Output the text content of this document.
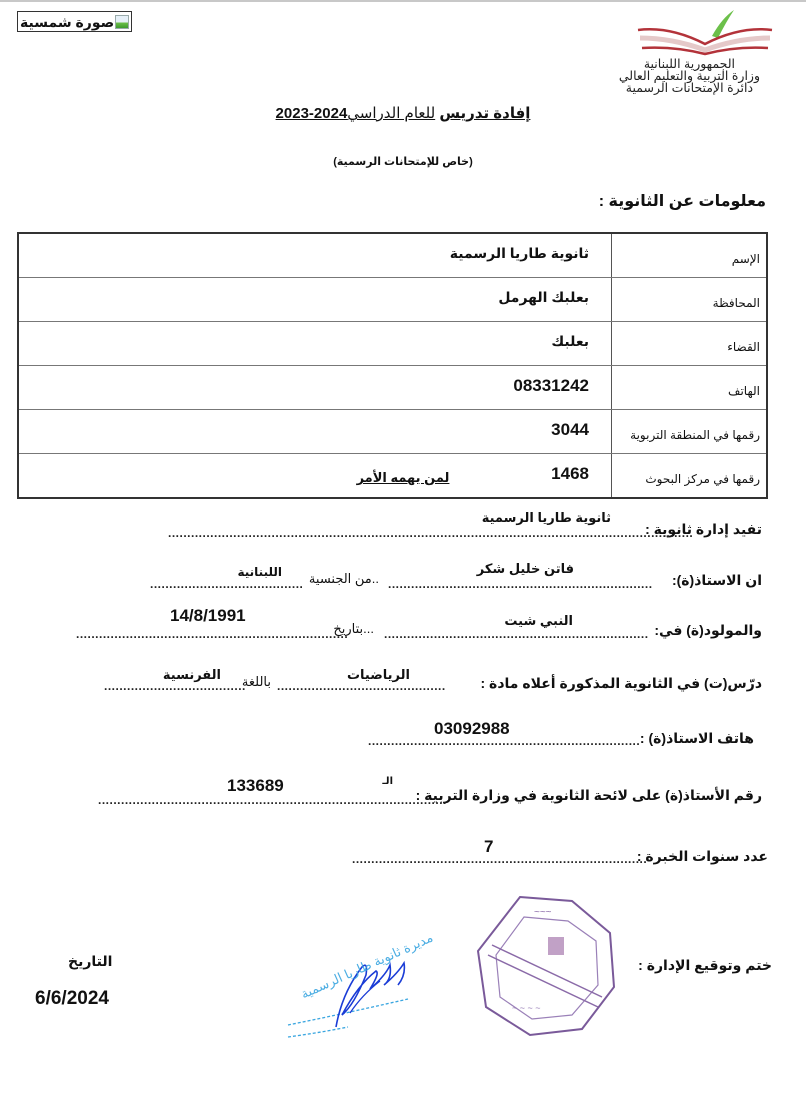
صورة شمسية
الجمهورية اللبنانية
وزارة التربية والتعليم العالي
دائرة الإمتحانات الرسمية
إفادة تدريس للعام الدراسي2023-2024
(خاص للإمتحانات الرسمية)
معلومات عن الثانوية :
الإسم	ثانوية طاريا الرسمية
المحافظة	بعلبك الهرمل
القضاء	بعلبك
الهاتف	08331242
رقمها في المنطقة التربوية	3044
رقمها في مركز البحوث	1468
لمن يهمه الأمر
تفيد إدارة ثانوية :
ثانوية طاريا الرسمية
.........................................................................................................................................
ان الاستاذ(ة):
فاتن خليل شكر
.....................................................................
..من الجنسية
اللبنانية
........................................
والمولود(ة) في:
النبي شيت
.....................................................................
...بتاريخ
14/8/1991
.......................................................................
درّس(ت) في الثانوية المذكورة أعلاه مادة :
الرياضيات
............................................
باللغة
الفرنسية
.....................................
هاتف الاستاذ(ة) :
03092988
.......................................................................
رقم الأستاذ(ة) على لائحة الثانوية في وزارة التربية :
الـ
133689
...........................................................................................
عدد سنوات الخبرة :
7
.............................................................................
ختم وتوقيع الإدارة :
~~~
~ ~ ~ ~
مديرة ثانوية طاريا الرسمية
التاريخ
6/6/2024
